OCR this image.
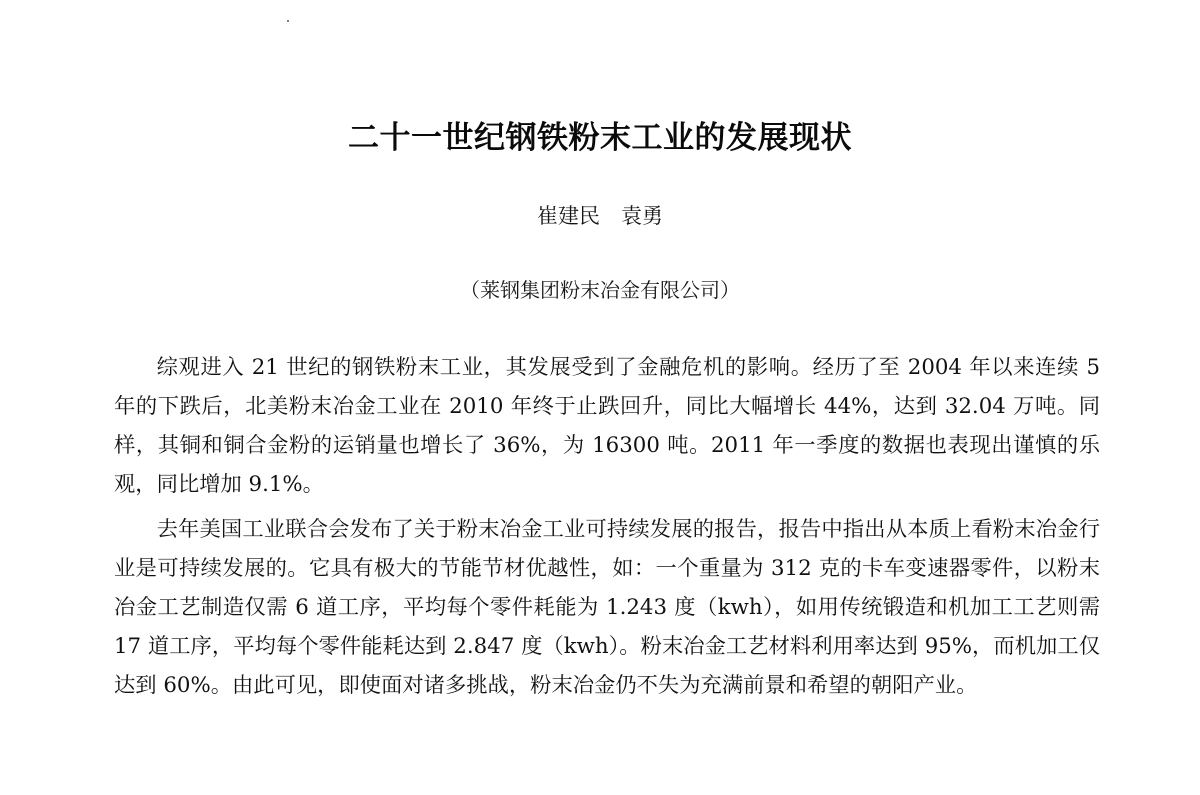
二十一世纪钢铁粉末工业的发展现状
崔建民　袁勇
（莱钢集团粉末冶金有限公司）

综观进入 21 世纪的钢铁粉末工业，其发展受到了金融危机的影响。经历了至 2004 年以来连续 5 年的下跌后，北美粉末冶金工业在 2010 年终于止跌回升，同比大幅增长 44%，达到 32.04 万吨。同样，其铜和铜合金粉的运销量也增长了 36%，为 16300 吨。2011 年一季度的数据也表现出谨慎的乐观，同比增加 9.1%。

去年美国工业联合会发布了关于粉末冶金工业可持续发展的报告，报告中指出从本质上看粉末冶金行业是可持续发展的。它具有极大的节能节材优越性，如：一个重量为 312 克的卡车变速器零件，以粉末冶金工艺制造仅需 6 道工序，平均每个零件耗能为 1.243 度（kwh），如用传统锻造和机加工工艺则需 17 道工序，平均每个零件能耗达到 2.847 度（kwh）。粉末冶金工艺材料利用率达到 95%，而机加工仅达到 60%。由此可见，即使面对诸多挑战，粉末冶金仍不失为充满前景和希望的朝阳产业。
